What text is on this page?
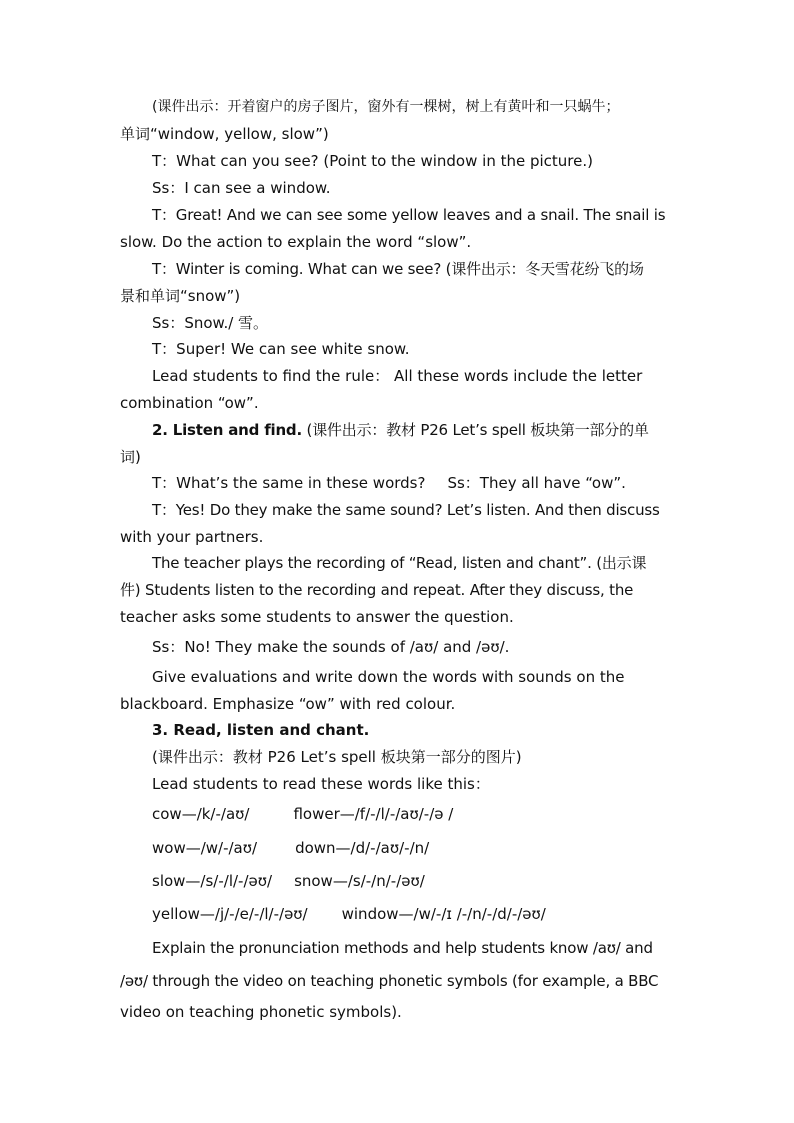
(课件出示：开着窗户的房子图片，窗外有一棵树，树上有黄叶和一只蜗牛；

单词“window, yellow, slow”)

T：What can you see? (Point to the window in the picture.)

Ss：I can see a window.

T：Great! And we can see some yellow leaves and a snail. The snail is

slow. Do the action to explain the word “slow”.

T：Winter is coming. What can we see? (课件出示：冬天雪花纷飞的场

景和单词“snow”)

Ss：Snow./ 雪。

T：Super! We can see white snow.

Lead students to find the rule： All these words include the letter

combination “ow”.

2. Listen and find. (课件出示：教材 P26 Let’s spell 板块第一部分的单

词)

T：What’s the same in these words? Ss：They all have “ow”.

T：Yes! Do they make the same sound? Let’s listen. And then discuss

with your partners.

The teacher plays the recording of “Read, listen and chant”. (出示课

件) Students listen to the recording and repeat. After they discuss, the

teacher asks some students to answer the question.

Ss：No! They make the sounds of /aʊ/ and /əʊ/.

Give evaluations and write down the words with sounds on the

blackboard. Emphasize “ow” with red colour.

3. Read, listen and chant.

(课件出示：教材 P26 Let’s spell 板块第一部分的图片)

Lead students to read these words like this：

cow—/k/-/aʊ/	flower—/f/-/l/-/aʊ/-/ə /

wow—/w/-/aʊ/	down—/d/-/aʊ/-/n/

slow—/s/-/l/-/əʊ/ snow—/s/-/n/-/əʊ/

yellow—/j/-/e/-/l/-/əʊ/ window—/w/-/ɪ /-/n/-/d/-/əʊ/

Explain the pronunciation methods and help students know /aʊ/ and

/əʊ/ through the video on teaching phonetic symbols (for example, a BBC

video on teaching phonetic symbols).
